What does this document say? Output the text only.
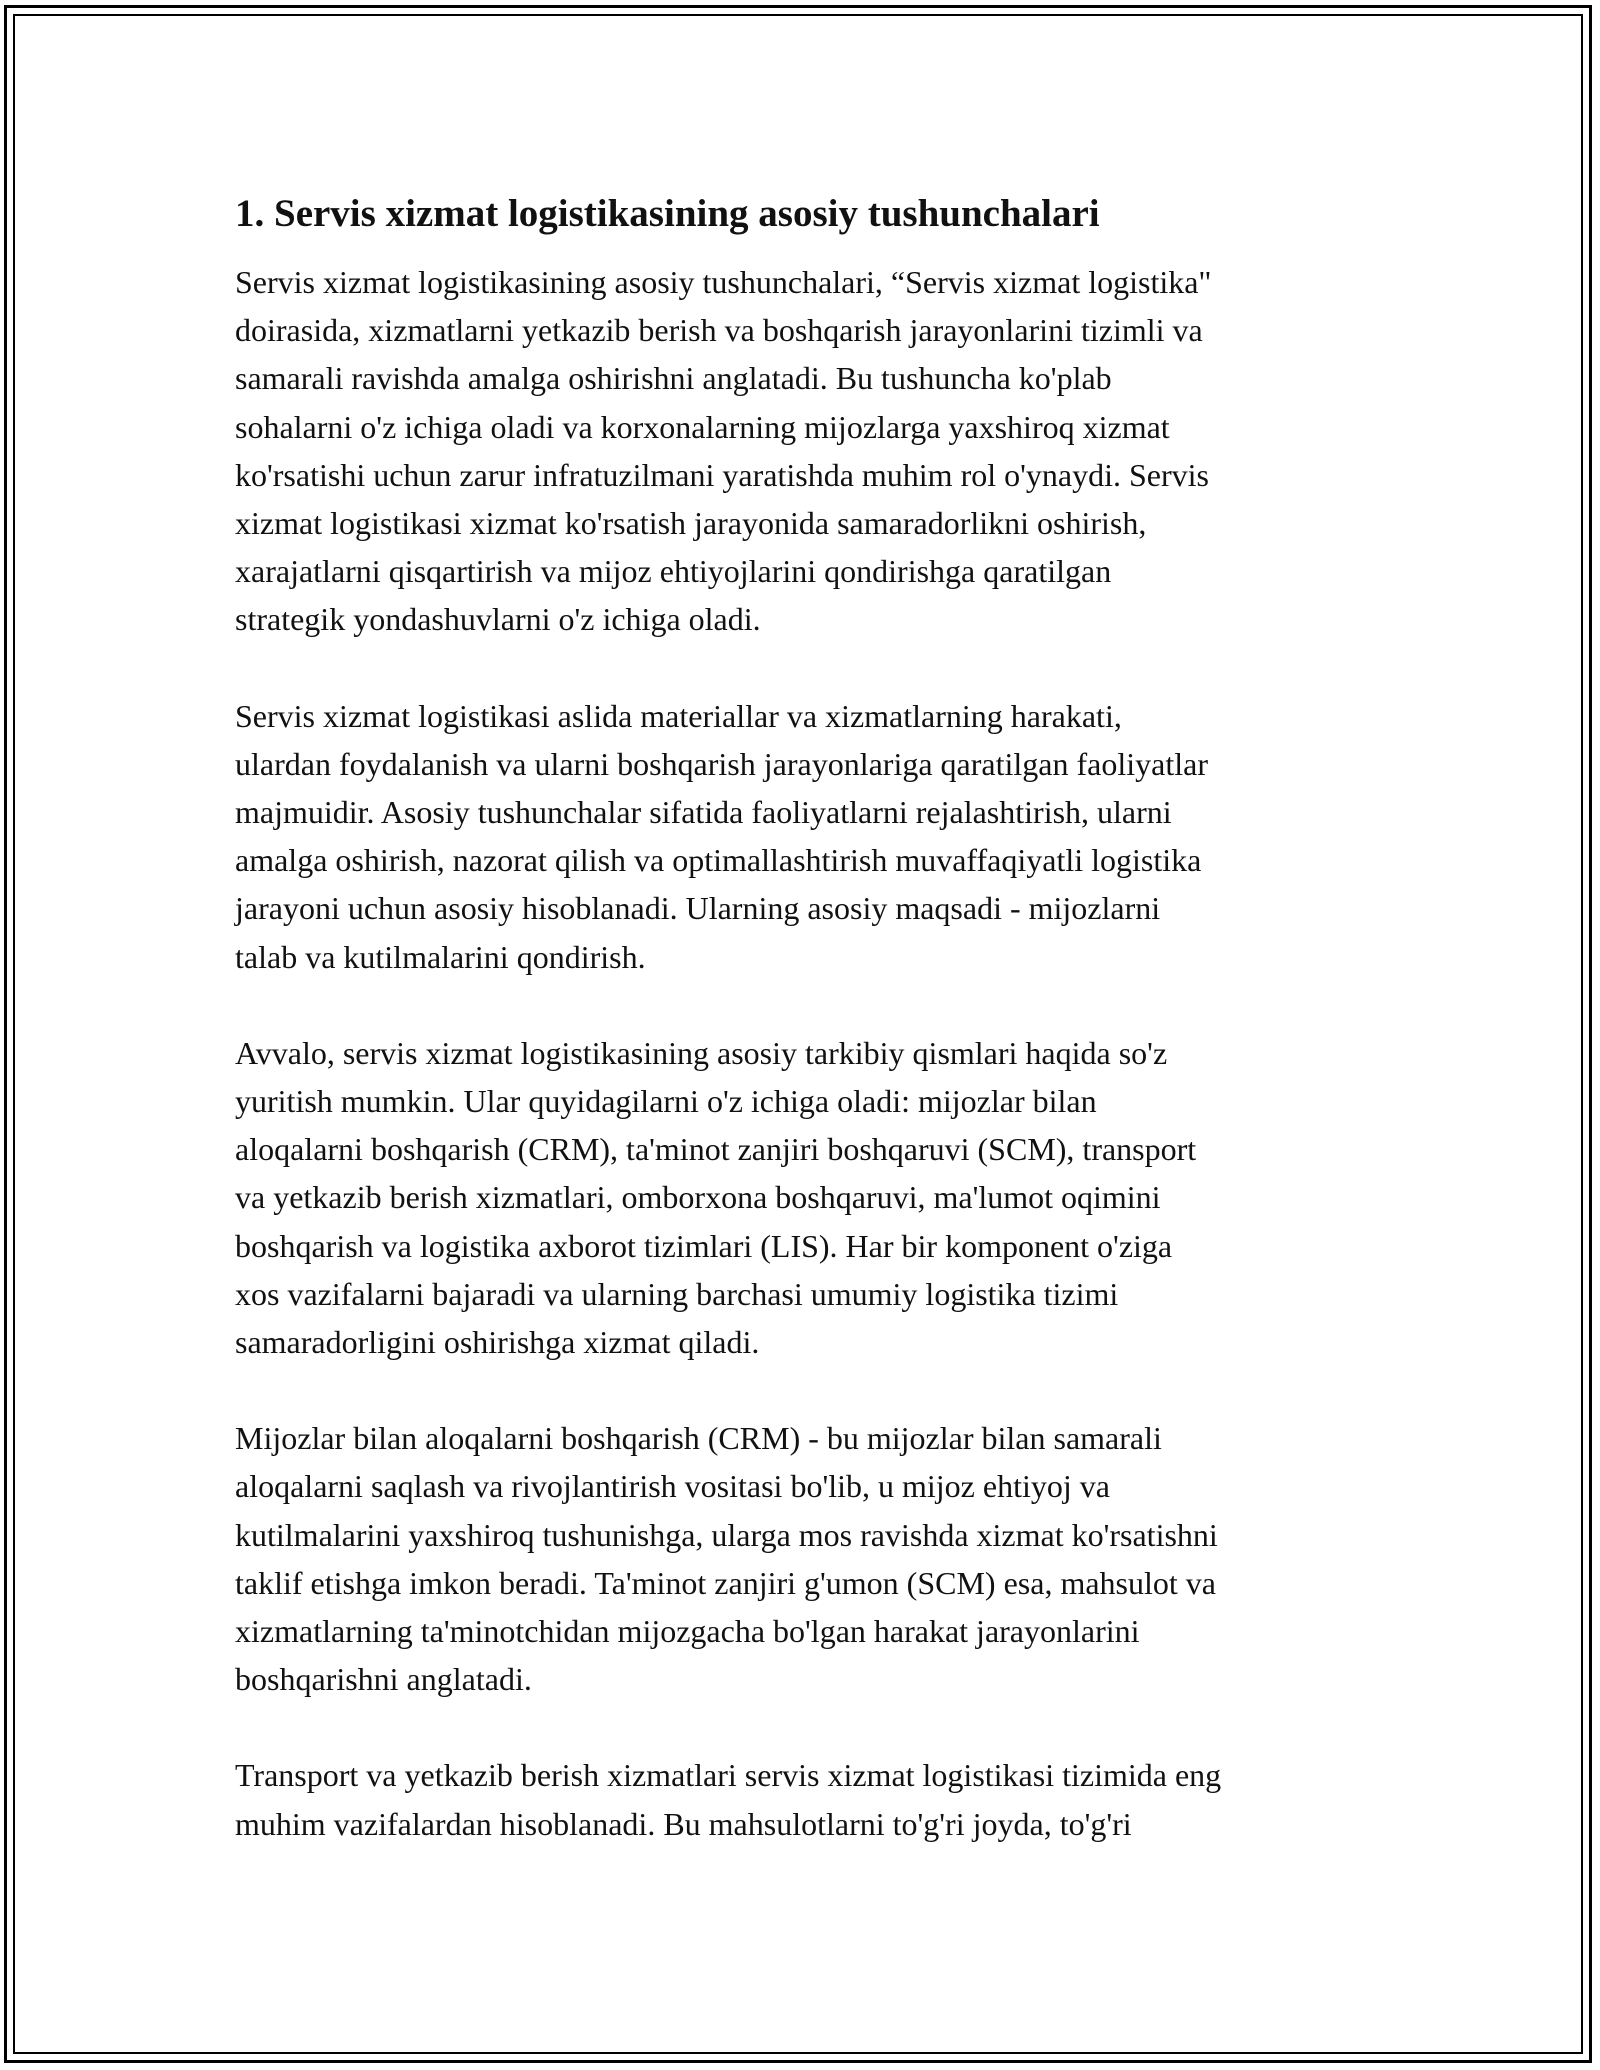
1. Servis xizmat logistikasining asosiy tushunchalari

Servis xizmat logistikasining asosiy tushunchalari, “Servis xizmat logistika"
doirasida, xizmatlarni yetkazib berish va boshqarish jarayonlarini tizimli va
samarali ravishda amalga oshirishni anglatadi. Bu tushuncha ko'plab
sohalarni o'z ichiga oladi va korxonalarning mijozlarga yaxshiroq xizmat
ko'rsatishi uchun zarur infratuzilmani yaratishda muhim rol o'ynaydi. Servis
xizmat logistikasi xizmat ko'rsatish jarayonida samaradorlikni oshirish,
xarajatlarni qisqartirish va mijoz ehtiyojlarini qondirishga qaratilgan
strategik yondashuvlarni o'z ichiga oladi.

Servis xizmat logistikasi aslida materiallar va xizmatlarning harakati,
ulardan foydalanish va ularni boshqarish jarayonlariga qaratilgan faoliyatlar
majmuidir. Asosiy tushunchalar sifatida faoliyatlarni rejalashtirish, ularni
amalga oshirish, nazorat qilish va optimallashtirish muvaffaqiyatli logistika
jarayoni uchun asosiy hisoblanadi. Ularning asosiy maqsadi - mijozlarni
talab va kutilmalarini qondirish.

Avvalo, servis xizmat logistikasining asosiy tarkibiy qismlari haqida so'z
yuritish mumkin. Ular quyidagilarni o'z ichiga oladi: mijozlar bilan
aloqalarni boshqarish (CRM), ta'minot zanjiri boshqaruvi (SCM), transport
va yetkazib berish xizmatlari, omborxona boshqaruvi, ma'lumot oqimini
boshqarish va logistika axborot tizimlari (LIS). Har bir komponent o'ziga
xos vazifalarni bajaradi va ularning barchasi umumiy logistika tizimi
samaradorligini oshirishga xizmat qiladi.

Mijozlar bilan aloqalarni boshqarish (CRM) - bu mijozlar bilan samarali
aloqalarni saqlash va rivojlantirish vositasi bo'lib, u mijoz ehtiyoj va
kutilmalarini yaxshiroq tushunishga, ularga mos ravishda xizmat ko'rsatishni
taklif etishga imkon beradi. Ta'minot zanjiri g'umon (SCM) esa, mahsulot va
xizmatlarning ta'minotchidan mijozgacha bo'lgan harakat jarayonlarini
boshqarishni anglatadi.

Transport va yetkazib berish xizmatlari servis xizmat logistikasi tizimida eng
muhim vazifalardan hisoblanadi. Bu mahsulotlarni to'g'ri joyda, to'g'ri
